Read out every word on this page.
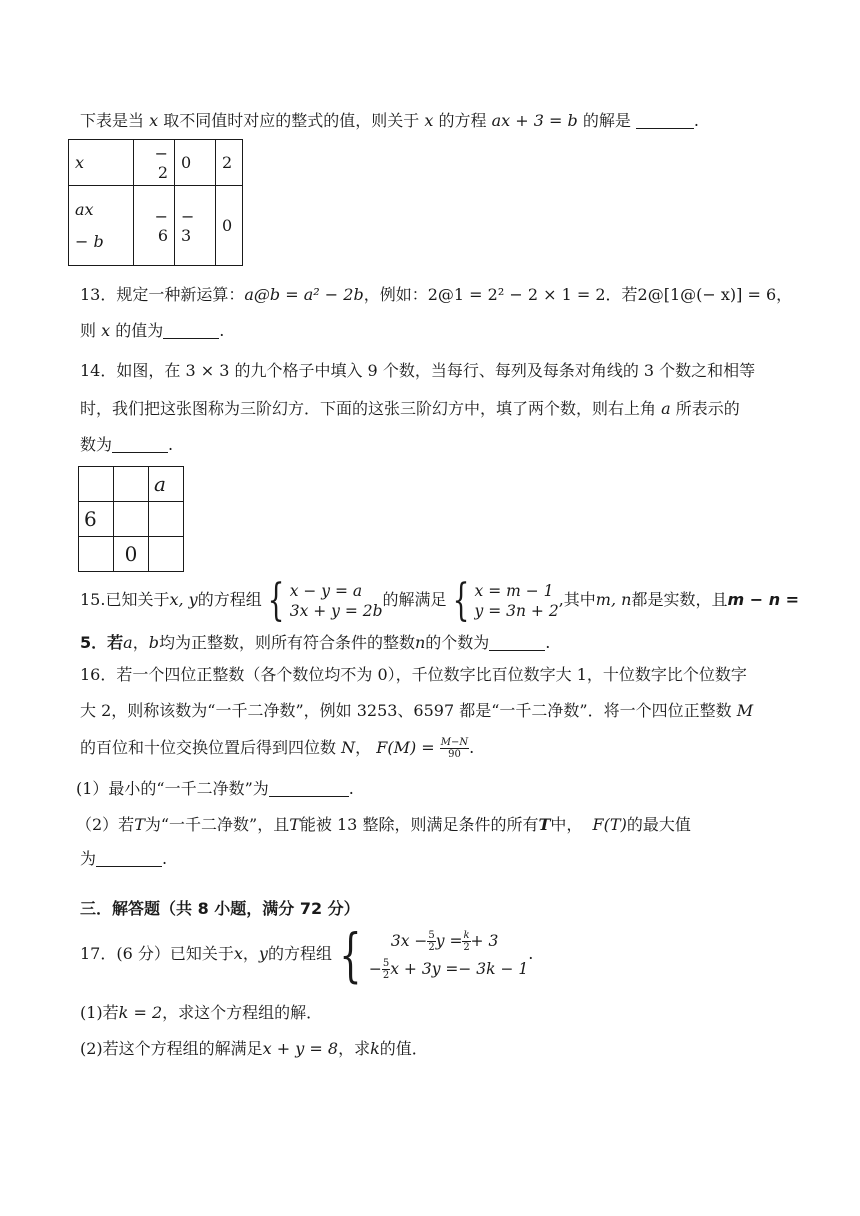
下表是当 x 取不同值时对应的整式的值，则关于 x 的方程 ax + 3 = b 的解是	.
x	− 2	0	2
ax
− b	− 6	− 3	0
13．规定一种新运算：a@b = a² − 2b，例如：2@1 = 2² − 2 × 1 = 2．若2@[1@(− x)] = 6，
则 x 的值为	.
14．如图，在 3 × 3 的九个格子中填入 9 个数，当每行、每列及每条对角线的 3 个数之和相等
时，我们把这张图称为三阶幻方．下面的这张三阶幻方中，填了两个数，则右上角 a 所表示的
数为	.
		a
6		
	0	
15.已知关于x, y的方程组 { x − y = a
3x + y = 2b的解满足 { x = m − 1
y = 3n + 2,其中m, n都是实数，且m − n =
5．若a，b均为正整数，则所有符合条件的整数n的个数为	.
16．若一个四位正整数（各个数位均不为 0），千位数字比百位数字大 1，十位数字比个位数字
大 2，则称该数为“一千二净数”，例如 3253、6597 都是“一千二净数”．将一个四位正整数 M
的百位和十位交换位置后得到四位数 N， $F(M) = \frac{M-N}{90}$ .
(1）最小的“一千二净数”为	.
（2）若T为“一千二净数”，且T能被 13 整除，则满足条件的所有T中， F(T)的最大值
为	.
三．解答题（共 8 小题，满分 72 分）
17．(6 分）已知关于x，y的方程组 { $3x - \frac{5}{2}$ $y = \frac{k}{2} + 3$
− $\frac{5}{2}$ x + 3y =− 3k − 1.
(1)若k = 2，求这个方程组的解．
(2)若这个方程组的解满足x + y = 8，求k的值．
